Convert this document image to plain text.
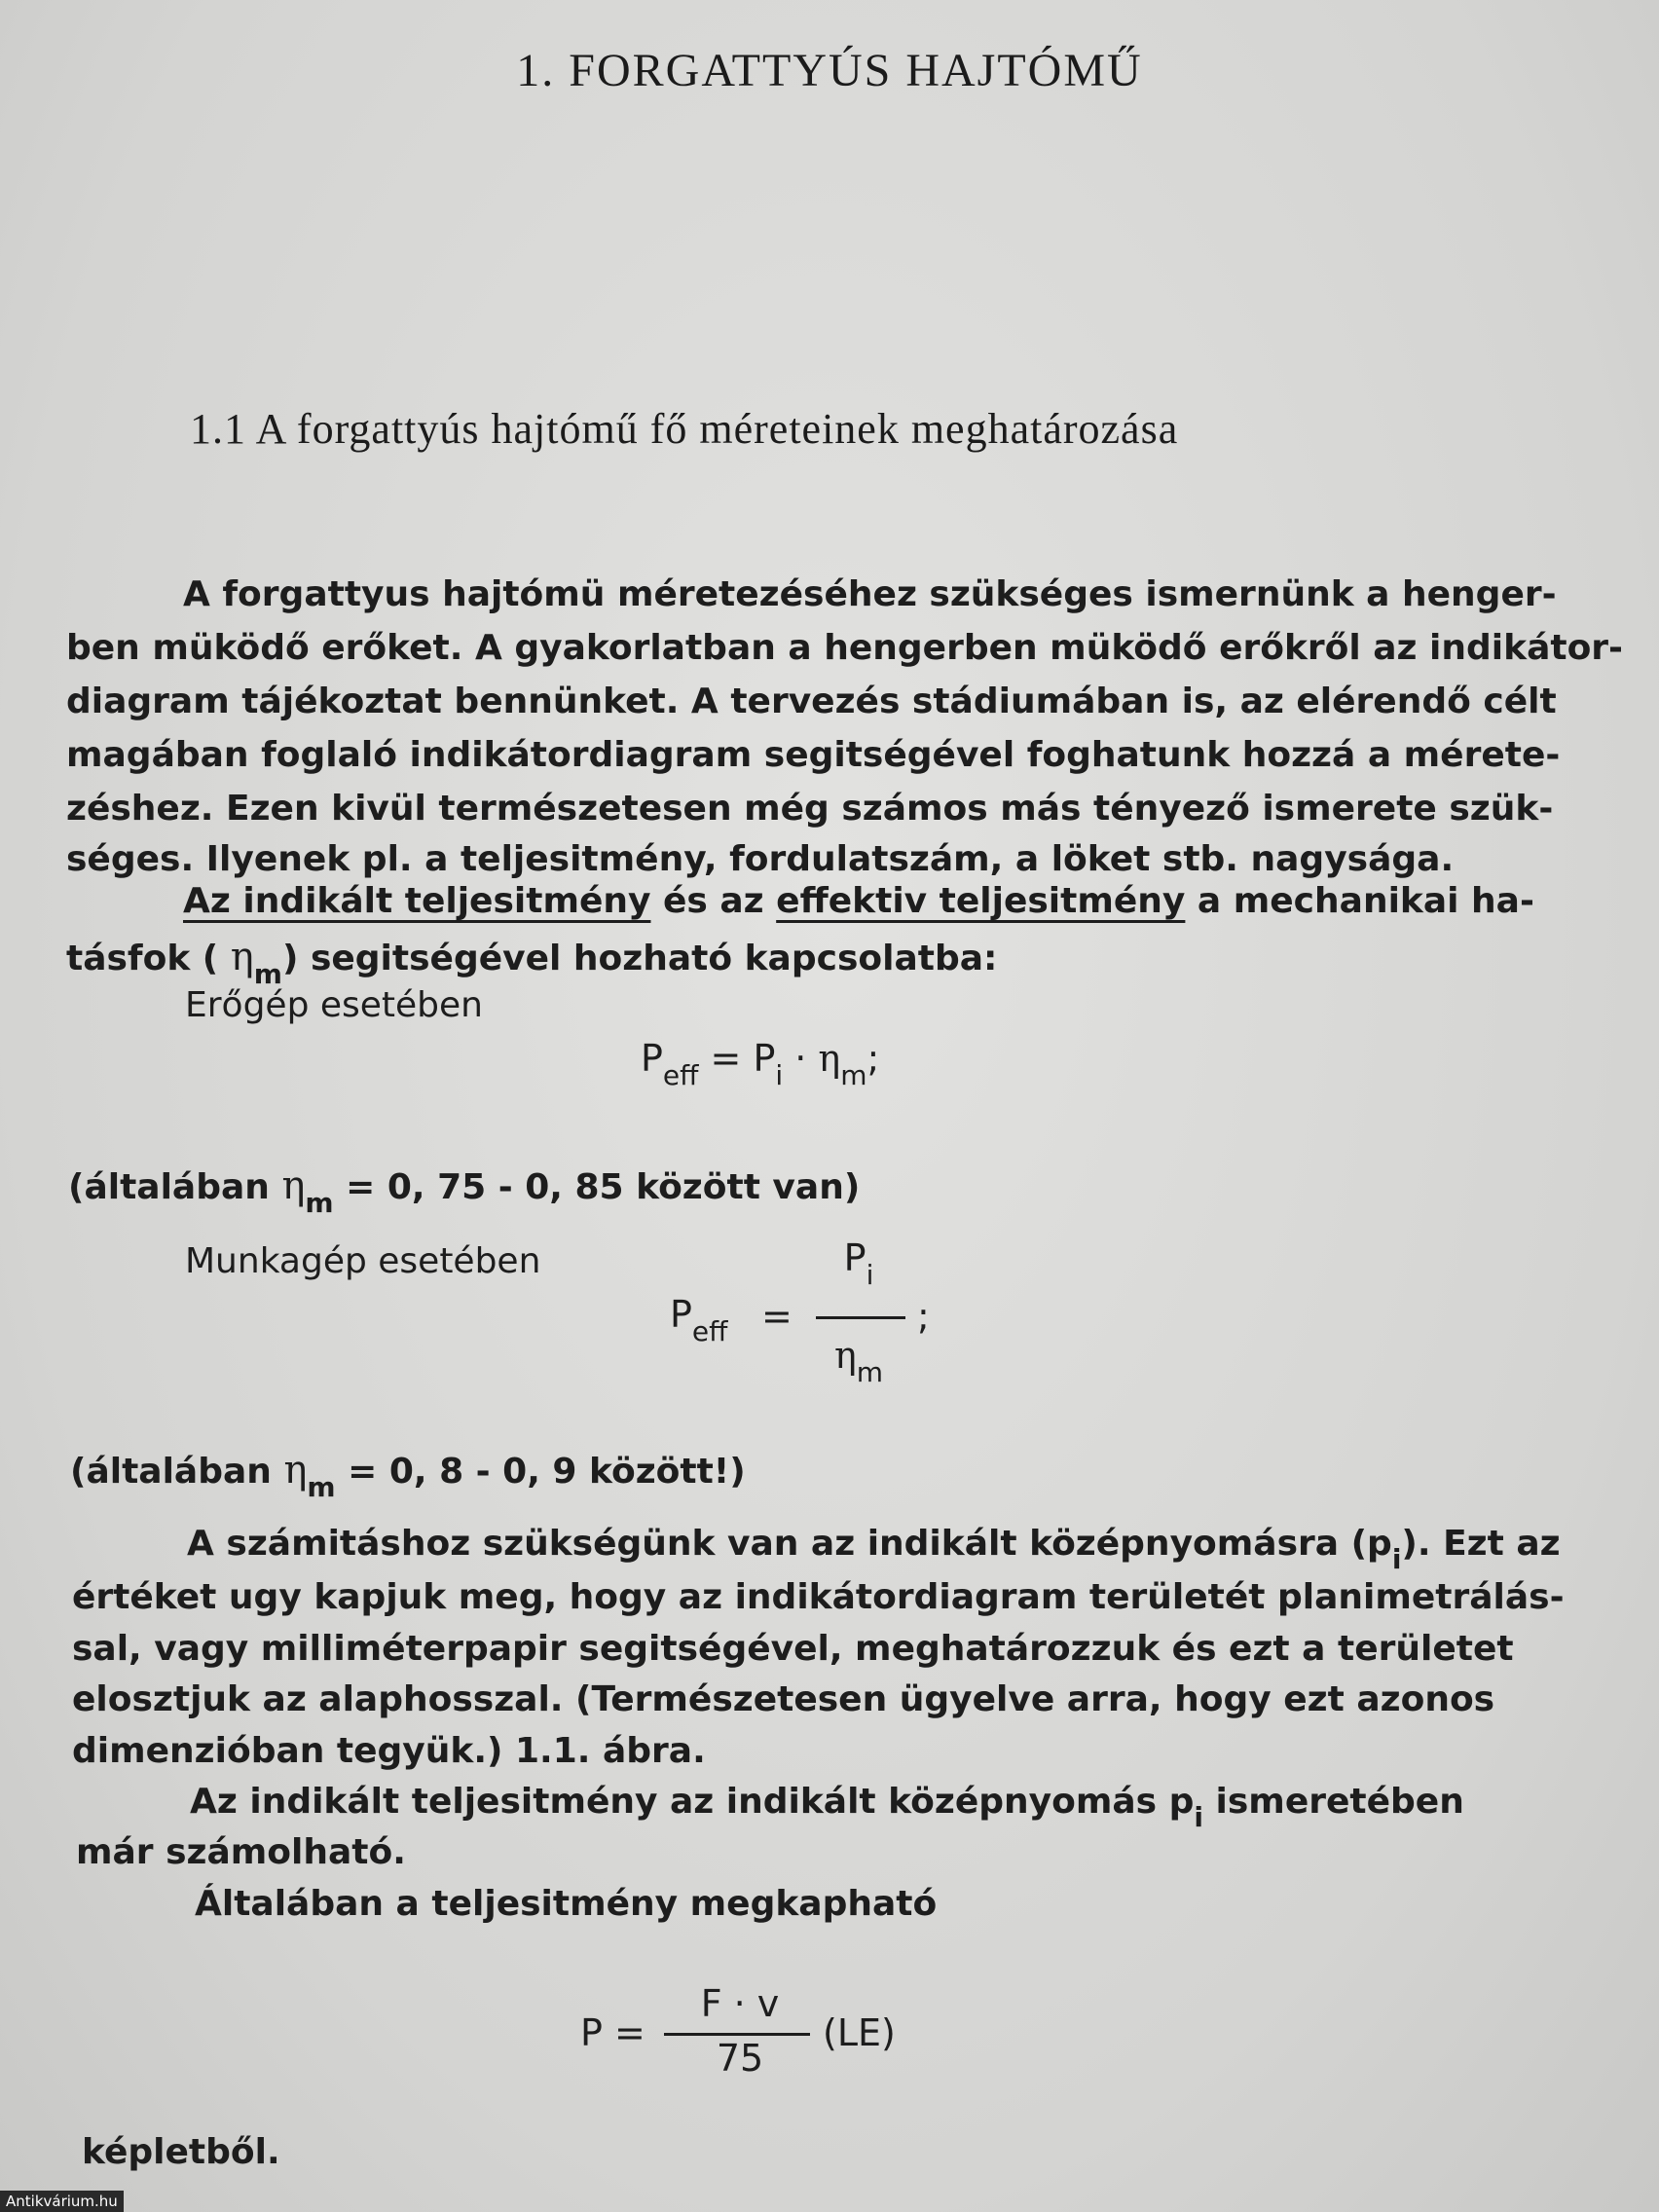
1. FORGATTYÚS HAJTÓMŰ
1.1 A forgattyús hajtómű fő méreteinek meghatározása
A forgattyus hajtómü méretezéséhez szükséges ismernünk a henger-
ben müködő erőket. A gyakorlatban a hengerben müködő erőkről az indikátor-
diagram tájékoztat bennünket. A tervezés stádiumában is, az elérendő célt
magában foglaló indikátordiagram segitségével foghatunk hozzá a mérete-
zéshez. Ezen kivül természetesen még számos más tényező ismerete szük-
séges. Ilyenek pl. a teljesitmény, fordulatszám, a löket stb. nagysága.
Az indikált teljesitmény és az effektiv teljesitmény a mechanikai ha-
tásfok ( $\eta_m$) segitségével hozható kapcsolatba:
Erőgép esetében
$P_{eff} = P_i \cdot \eta_m$;
(általában $\eta_m = 0$, 75 - 0, 85 között van)
Munkagép esetében
$P_{eff}$ =
$P_i$
$\eta_m$
;
(általában $\eta_m = 0$, 8 - 0, 9 között!)
A számitáshoz szükségünk van az indikált középnyomásra $(p_i)$. Ezt az
értéket ugy kapjuk meg, hogy az indikátordiagram területét planimetrálás-
sal, vagy milliméterpapir segitségével, meghatározzuk és ezt a területet
elosztjuk az alaphosszal. (Természetesen ügyelve arra, hogy ezt azonos
dimenzióban tegyük.) 1.1. ábra.
Az indikált teljesitmény az indikált középnyomás $p_i$ ismeretében
már számolható.
Általában a teljesitmény megkapható
P =
F · v
75
(LE)
képletből.
Antikvárium.hu
